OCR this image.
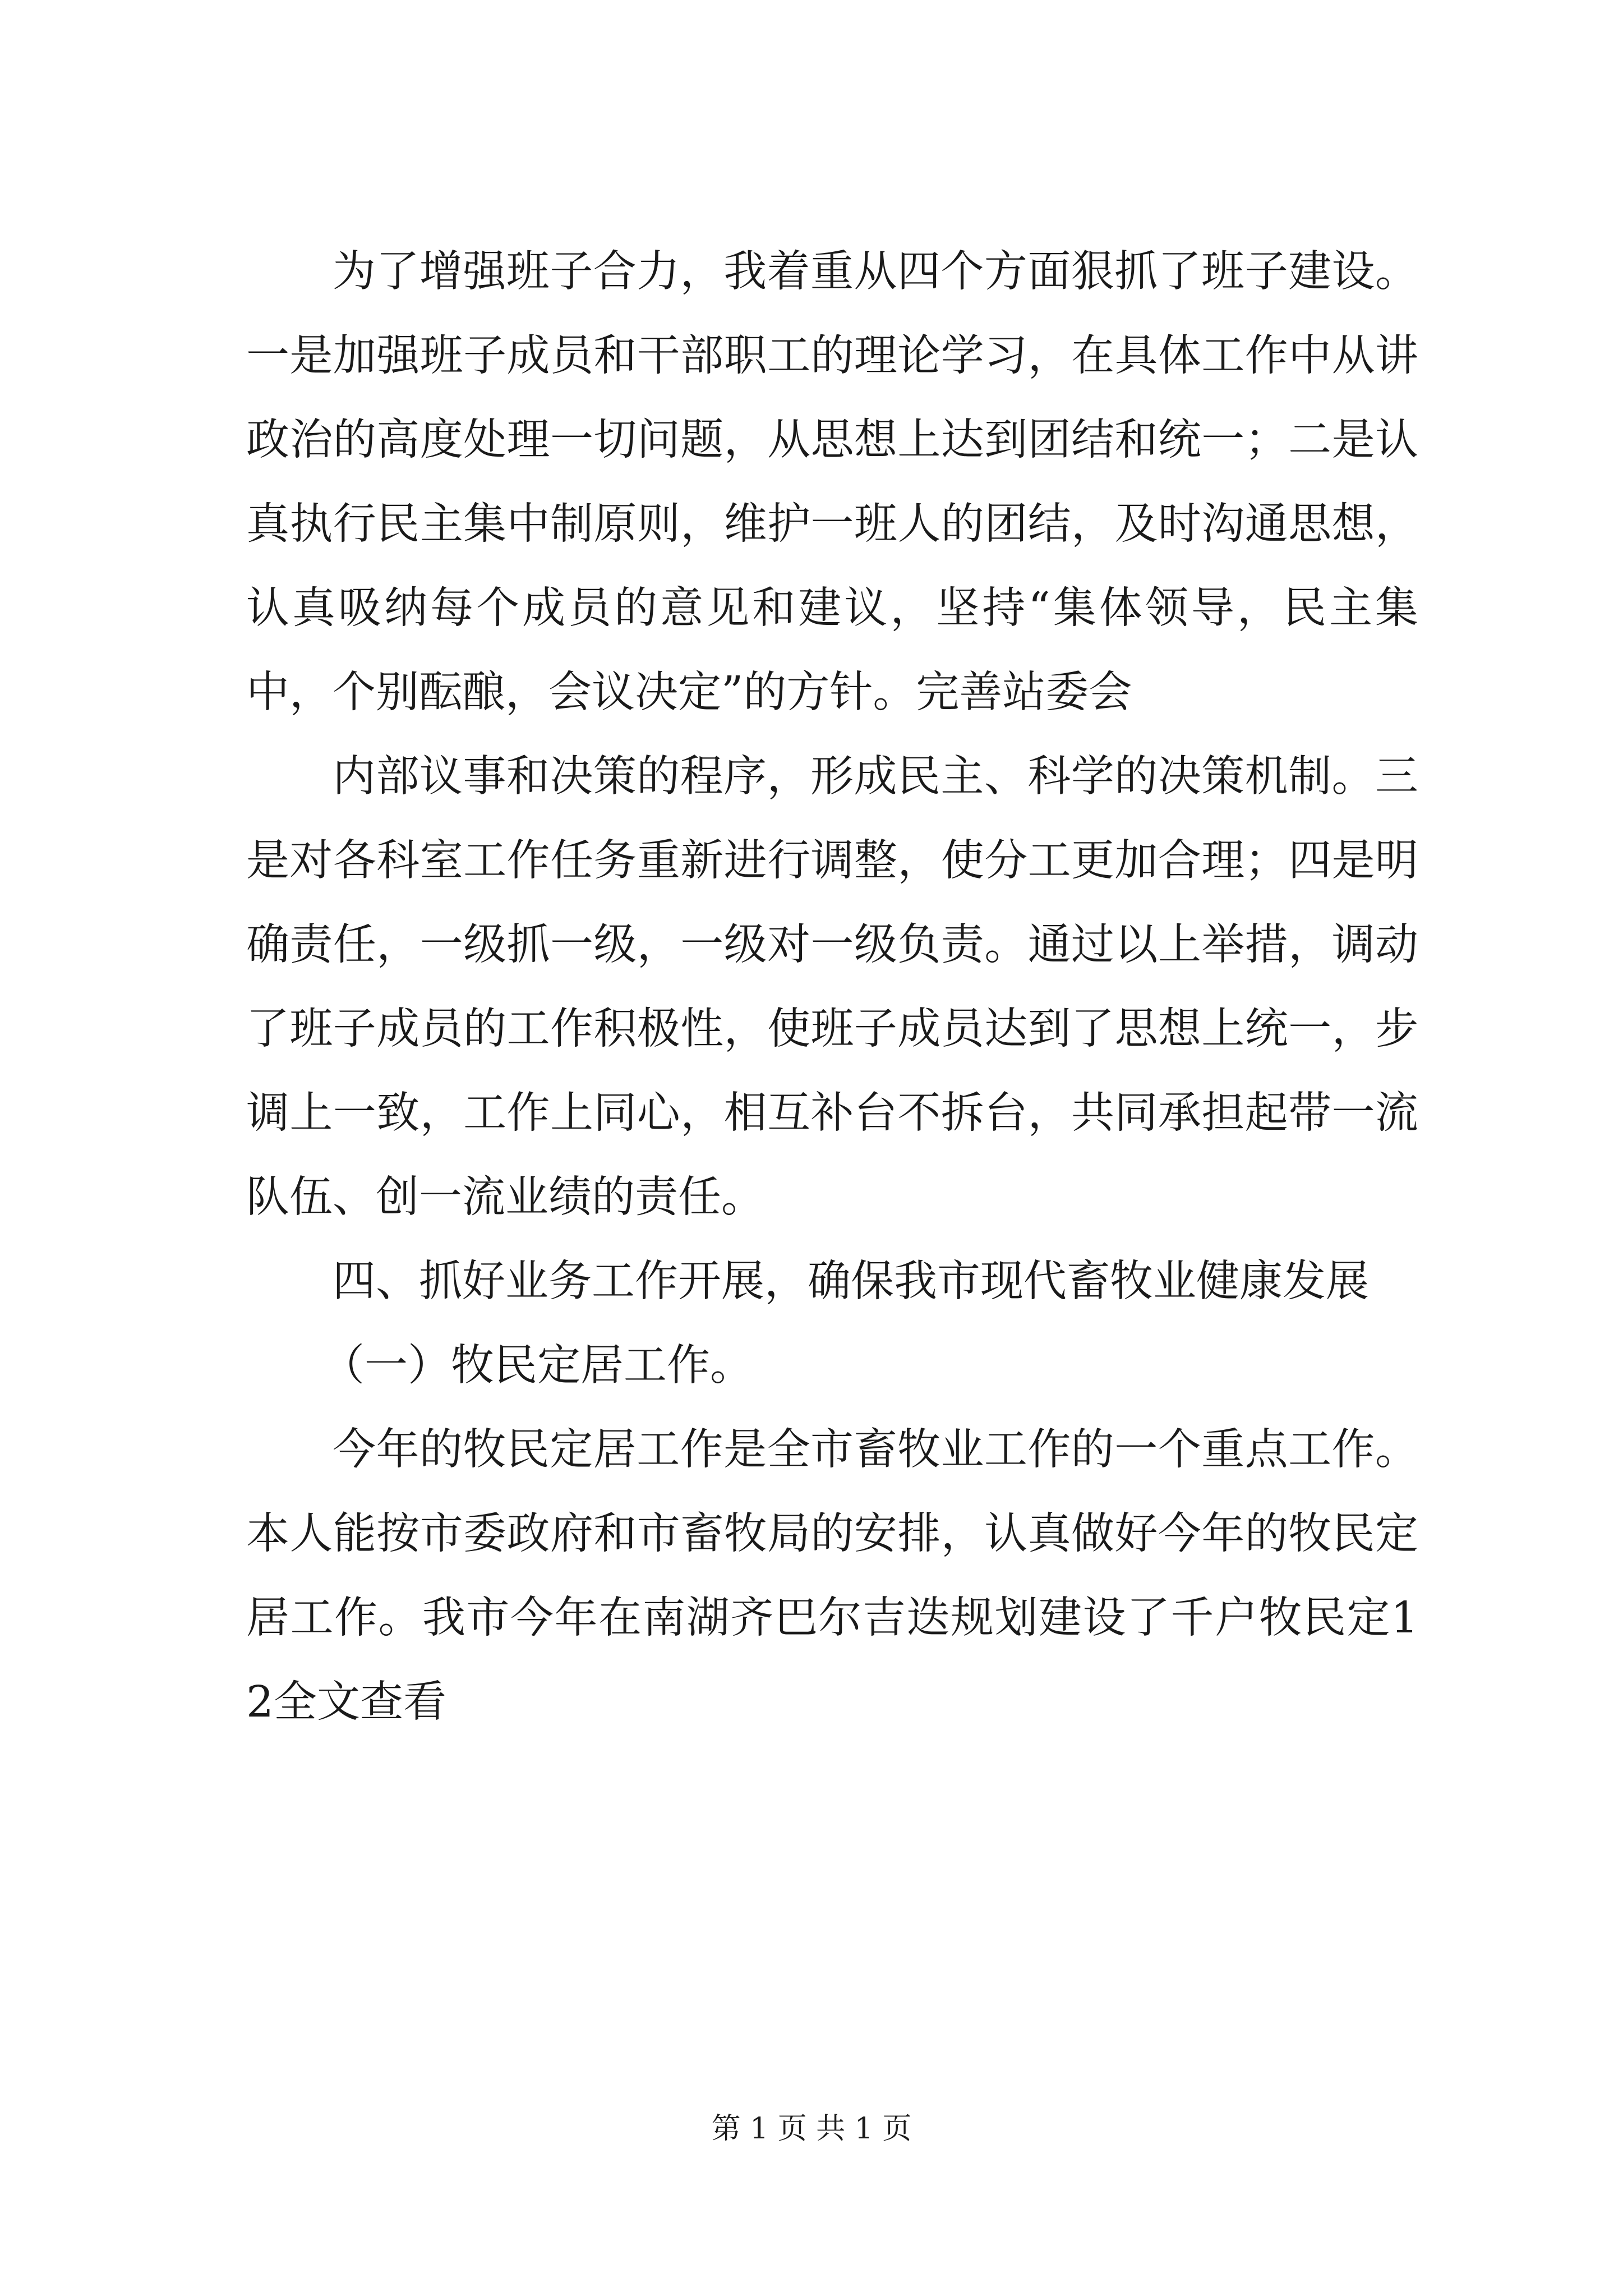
为了增强班子合力，我着重从四个方面狠抓了班子建设。一是加强班子成员和干部职工的理论学习，在具体工作中从讲政治的高度处理一切问题，从思想上达到团结和统一；二是认真执行民主集中制原则，维护一班人的团结，及时沟通思想，认真吸纳每个成员的意见和建议，坚持“集体领导，民主集中，个别酝酿，会议决定”的方针。完善站委会

内部议事和决策的程序，形成民主、科学的决策机制。三是对各科室工作任务重新进行调整，使分工更加合理；四是明确责任，一级抓一级，一级对一级负责。通过以上举措，调动了班子成员的工作积极性，使班子成员达到了思想上统一，步调上一致，工作上同心，相互补台不拆台，共同承担起带一流队伍、创一流业绩的责任。

四、抓好业务工作开展，确保我市现代畜牧业健康发展

（一）牧民定居工作。

今年的牧民定居工作是全市畜牧业工作的一个重点工作。本人能按市委政府和市畜牧局的安排，认真做好今年的牧民定居工作。我市今年在南湖齐巴尔吉迭规划建设了千户牧民定12全文查看

第 1 页 共 1 页
